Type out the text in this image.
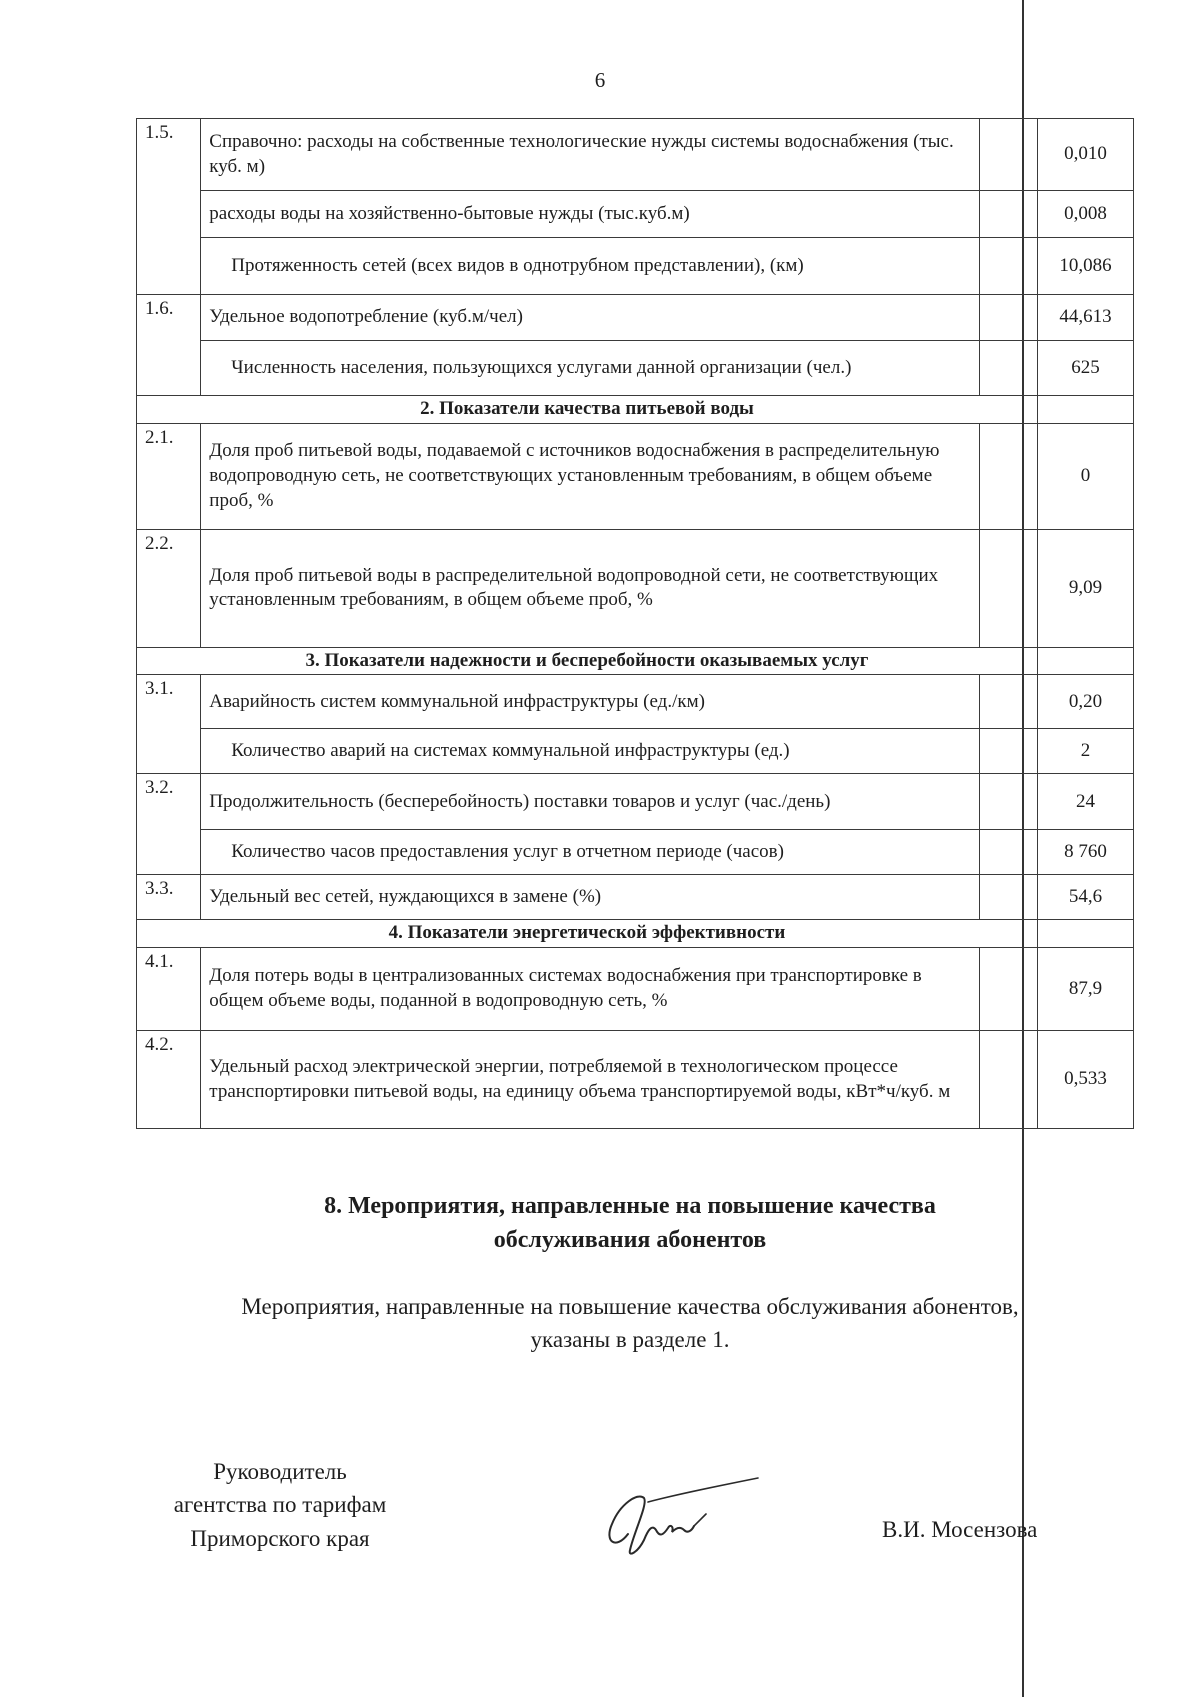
6
1.5.	Справочно: расходы на собственные технологические нужды системы водоснабжения (тыс. куб. м)		0,010
	расходы воды на хозяйственно-бытовые нужды (тыс.куб.м)		0,008
	Протяженность сетей (всех видов в однотрубном представлении), (км)		10,086
1.6.	Удельное водопотребление (куб.м/чел)		44,613
	Численность населения, пользующихся услугами данной организации (чел.)		625
2. Показатели качества питьевой воды			
2.1.	Доля проб питьевой воды, подаваемой с источников водоснабжения в распределительную водопроводную сеть, не соответствующих установленным требованиям, в общем объеме проб, %		0
2.2.	Доля проб питьевой воды в распределительной водопроводной сети, не соответствующих установленным требованиям, в общем объеме проб, %		9,09
3. Показатели надежности и бесперебойности оказываемых услуг			
3.1.	Аварийность систем коммунальной инфраструктуры (ед./км)		0,20
	Количество аварий на системах коммунальной инфраструктуры (ед.)		2
3.2.	Продолжительность (бесперебойность) поставки товаров и услуг (час./день)		24
	Количество часов предоставления услуг в отчетном периоде (часов)		8 760
3.3.	Удельный вес сетей, нуждающихся в замене (%)		54,6
4. Показатели энергетической эффективности			
4.1.	Доля потерь воды в централизованных системах водоснабжения при транспортировке в общем объеме воды, поданной в водопроводную сеть, %		87,9
4.2.	Удельный расход электрической энергии, потребляемой в технологическом процессе транспортировки питьевой воды, на единицу объема транспортируемой воды, кВт*ч/куб. м		0,533
8. Мероприятия, направленные на повышение качества
обслуживания абонентов
Мероприятия, направленные на повышение качества обслуживания абонентов,
указаны в разделе 1.
Руководитель
агентства по тарифам
Приморского края	В.И. Мосензова
